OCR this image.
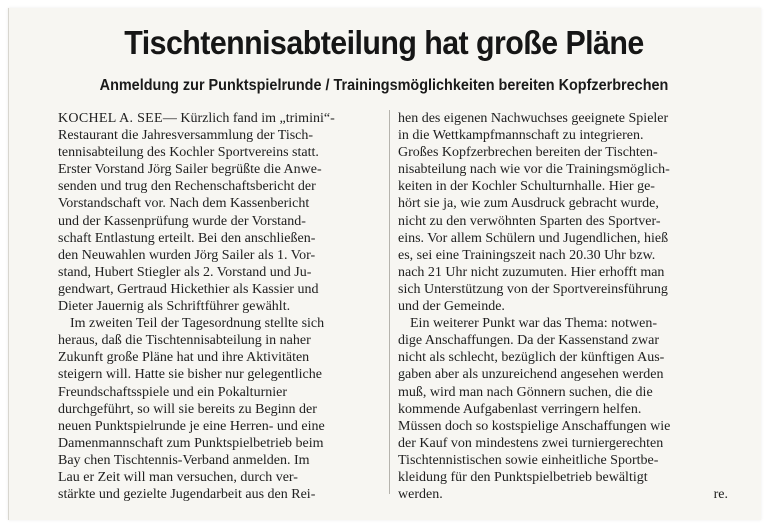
Tischtennisabteilung hat große Pläne
Anmeldung zur Punktspielrunde / Trainingsmöglichkeiten bereiten Kopfzerbrechen
KOCHEL A. SEE— Kürzlich fand im „trimini“-
Restaurant die Jahresversammlung der Tisch-
tennisabteilung des Kochler Sportvereins statt.
Erster Vorstand Jörg Sailer begrüßte die Anwe-
senden und trug den Rechenschaftsbericht der
Vorstandschaft vor. Nach dem Kassenbericht
und der Kassenprüfung wurde der Vorstand-
schaft Entlastung erteilt. Bei den anschließen-
den Neuwahlen wurden Jörg Sailer als 1. Vor-
stand, Hubert Stiegler als 2. Vorstand und Ju-
gendwart, Gertraud Hickethier als Kassier und
Dieter Jauernig als Schriftführer gewählt.
Im zweiten Teil der Tagesordnung stellte sich
heraus, daß die Tischtennisabteilung in naher
Zukunft große Pläne hat und ihre Aktivitäten
steigern will. Hatte sie bisher nur gelegentliche
Freundschaftsspiele und ein Pokalturnier
durchgeführt, so will sie bereits zu Beginn der
neuen Punktspielrunde je eine Herren- und eine
Damenmannschaft zum Punktspielbetrieb beim
Bay chen Tischtennis-Verband anmelden. Im
Lau er Zeit will man versuchen, durch ver-
stärkte und gezielte Jugendarbeit aus den Rei-
hen des eigenen Nachwuchses geeignete Spieler
in die Wettkampfmannschaft zu integrieren.
Großes Kopfzerbrechen bereiten der Tischten-
nisabteilung nach wie vor die Trainingsmöglich-
keiten in der Kochler Schulturnhalle. Hier ge-
hört sie ja, wie zum Ausdruck gebracht wurde,
nicht zu den verwöhnten Sparten des Sportver-
eins. Vor allem Schülern und Jugendlichen, hieß
es, sei eine Trainingszeit nach 20.30 Uhr bzw.
nach 21 Uhr nicht zuzumuten. Hier erhofft man
sich Unterstützung von der Sportvereinsführung
und der Gemeinde.
Ein weiterer Punkt war das Thema: notwen-
dige Anschaffungen. Da der Kassenstand zwar
nicht als schlecht, bezüglich der künftigen Aus-
gaben aber als unzureichend angesehen werden
muß, wird man nach Gönnern suchen, die die
kommende Aufgabenlast verringern helfen.
Müssen doch so kostspielige Anschaffungen wie
der Kauf von mindestens zwei turniergerechten
Tischtennistischen sowie einheitliche Sportbe-
kleidung für den Punktspielbetrieb bewältigt
werden.	re.
